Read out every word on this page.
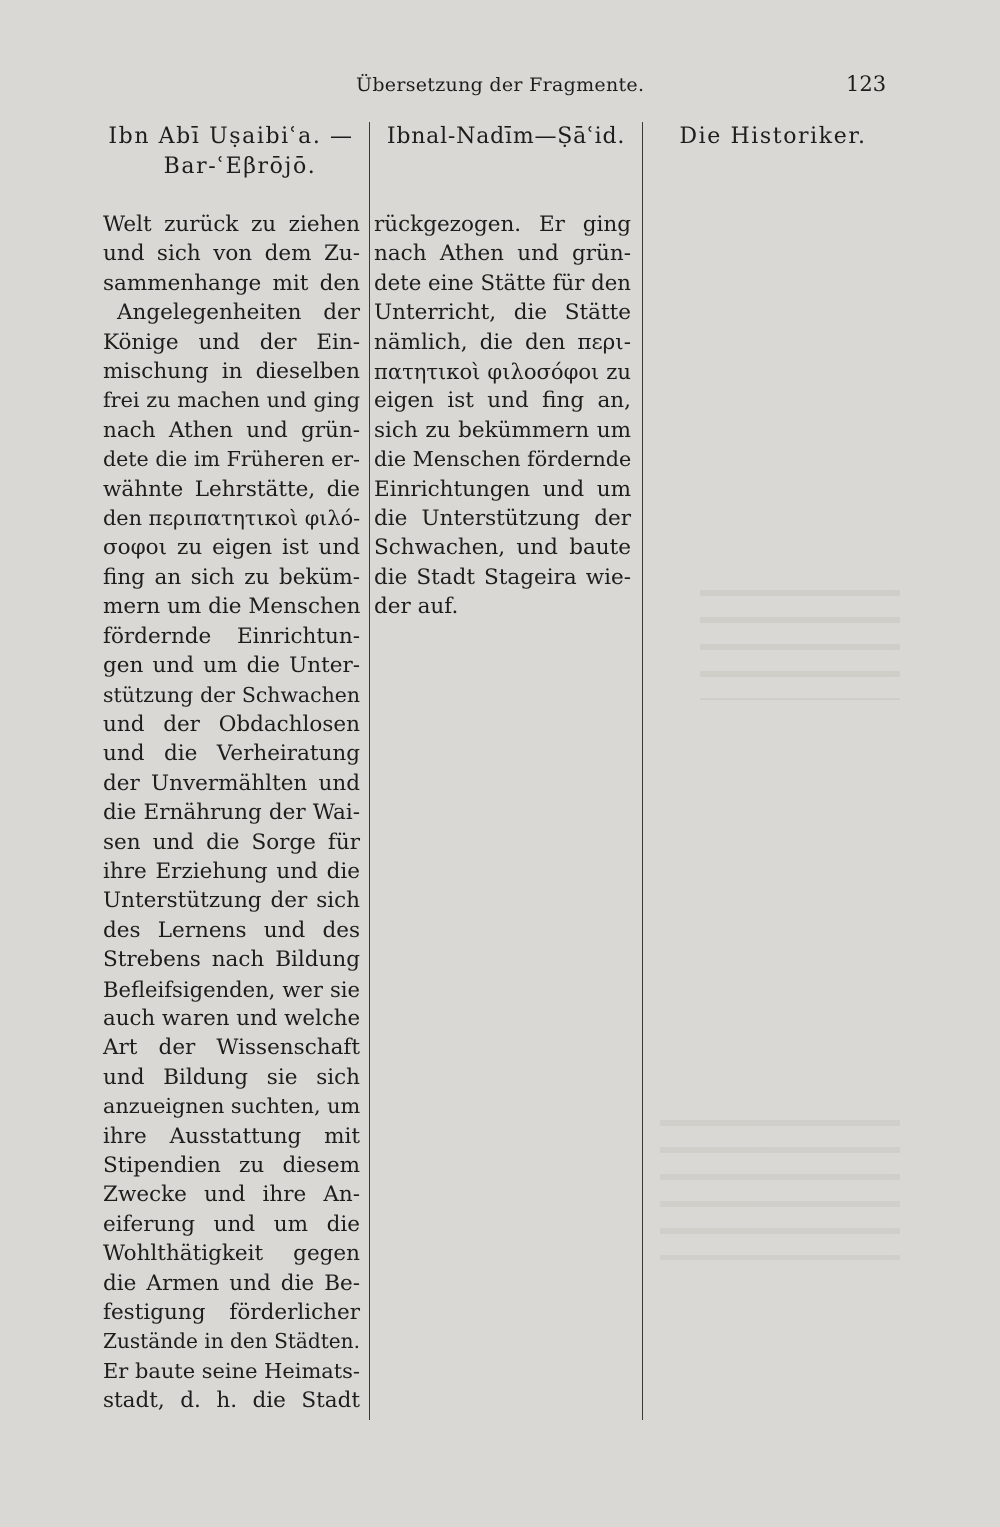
Übersetzung der Fragmente.	123
Ibn Abī Uṣaibiʿa. —
Bar-ʿEβrōjō.
Welt zurück zu ziehen
und sich von dem Zu-
sammenhange mit den
Angelegenheiten der
Könige und der Ein-
mischung in dieselben
frei zu machen und ging
nach Athen und grün-
dete die im Früheren er-
wähnte Lehrstätte, die
den περιπατητικοὶ φιλό-
σοφοι zu eigen ist und
fing an sich zu beküm-
mern um die Menschen
fördernde Einrichtun-
gen und um die Unter-
stützung der Schwachen
und der Obdachlosen
und die Verheiratung
der Unvermählten und
die Ernährung der Wai-
sen und die Sorge für
ihre Erziehung und die
Unterstützung der sich
des Lernens und des
Strebens nach Bildung
Befleifsigenden, wer sie
auch waren und welche
Art der Wissenschaft
und Bildung sie sich
anzueignen suchten, um
ihre Ausstattung mit
Stipendien zu diesem
Zwecke und ihre An-
eiferung und um die
Wohlthätigkeit gegen
die Armen und die Be-
festigung förderlicher
Zustände in den Städten.
Er baute seine Heimats-
stadt, d. h. die Stadt
Ibnal-Nadīm—Ṣāʿid.
rückgezogen. Er ging
nach Athen und grün-
dete eine Stätte für den
Unterricht, die Stätte
nämlich, die den περι-
πατητικοὶ φιλοσόφοι zu
eigen ist und fing an,
sich zu bekümmern um
die Menschen fördernde
Einrichtungen und um
die Unterstützung der
Schwachen, und baute
die Stadt Stageira wie-
der auf.
Die Historiker.
